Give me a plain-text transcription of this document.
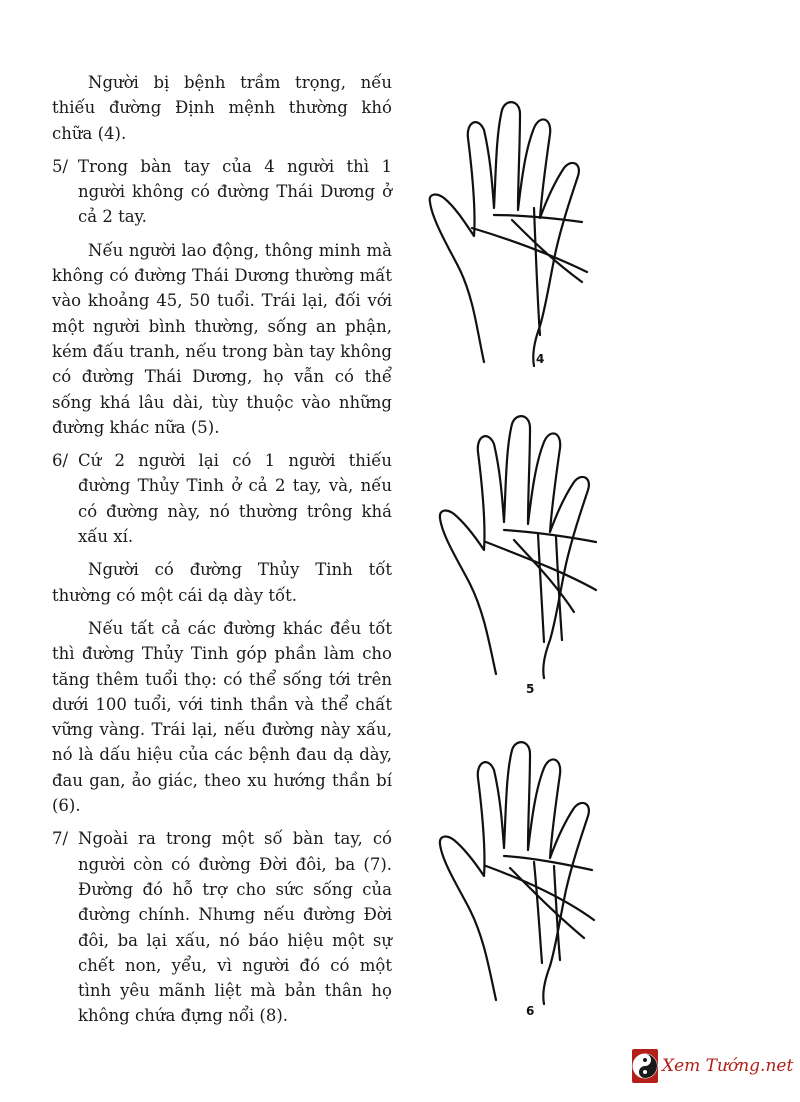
Người bị bệnh trầm trọng, nếu thiếu đường Định mệnh thường khó chữa (4).

5/ Trong bàn tay của 4 người thì 1 người không có đường Thái Dương ở cả 2 tay.

Nếu người lao động, thông minh mà không có đường Thái Dương thường mất vào khoảng 45, 50 tuổi. Trái lại, đối với một người bình thường, sống an phận, kém đấu tranh, nếu trong bàn tay không có đường Thái Dương, họ vẫn có thể sống khá lâu dài, tùy thuộc vào những đường khác nữa (5).

6/ Cứ 2 người lại có 1 người thiếu đường Thủy Tinh ở cả 2 tay, và, nếu có đường này, nó thường trông khá xấu xí.

Người có đường Thủy Tinh tốt thường có một cái dạ dày tốt.

Nếu tất cả các đường khác đều tốt thì đường Thủy Tinh góp phần làm cho tăng thêm tuổi thọ: có thể sống tới trên dưới 100 tuổi, với tinh thần và thể chất vững vàng. Trái lại, nếu đường này xấu, nó là dấu hiệu của các bệnh đau dạ dày, đau gan, ảo giác, theo xu hướng thần bí (6).

7/ Ngoài ra trong một số bàn tay, có người còn có đường Đời đôi, ba (7). Đường đó hỗ trợ cho sức sống của đường chính. Nhưng nếu đường Đời đôi, ba lại xấu, nó báo hiệu một sự chết non, yểu, vì người đó có một tình yêu mãnh liệt mà bản thân họ không chứa đựng nổi (8).
4
5
6
Xem Tướng.net
